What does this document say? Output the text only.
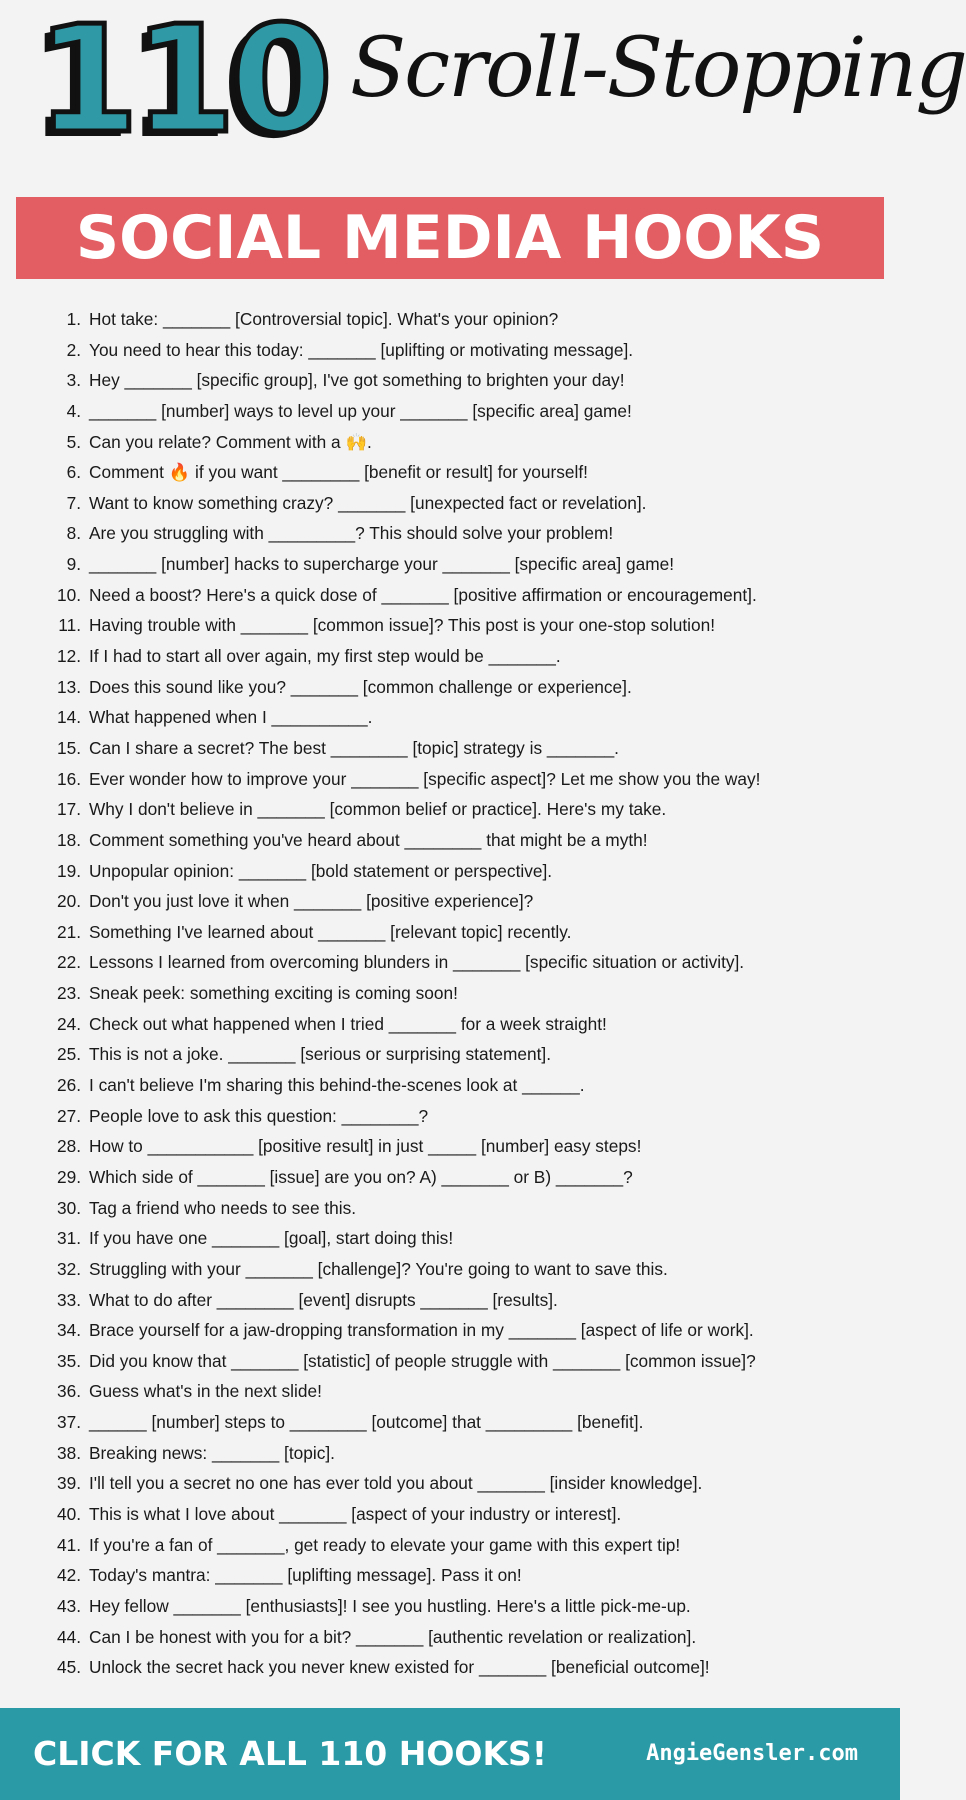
110 Scroll-Stopping
SOCIAL MEDIA HOOKS
1. Hot take: _______ [Controversial topic]. What's your opinion?
2. You need to hear this today: _______ [uplifting or motivating message].
3. Hey _______ [specific group], I've got something to brighten your day!
4. _______ [number] ways to level up your _______ [specific area] game!
5. Can you relate? Comment with a 🙌.
6. Comment 🔥 if you want ________ [benefit or result] for yourself!
7. Want to know something crazy? _______ [unexpected fact or revelation].
8. Are you struggling with _________? This should solve your problem!
9. _______ [number] hacks to supercharge your _______ [specific area] game!
10. Need a boost? Here's a quick dose of _______ [positive affirmation or encouragement].
11. Having trouble with _______ [common issue]? This post is your one-stop solution!
12. If I had to start all over again, my first step would be _______.
13. Does this sound like you? _______ [common challenge or experience].
14. What happened when I __________.
15. Can I share a secret? The best ________ [topic] strategy is _______.
16. Ever wonder how to improve your _______ [specific aspect]? Let me show you the way!
17. Why I don't believe in _______ [common belief or practice]. Here's my take.
18. Comment something you've heard about ________ that might be a myth!
19. Unpopular opinion: _______ [bold statement or perspective].
20. Don't you just love it when _______ [positive experience]?
21. Something I've learned about _______ [relevant topic] recently.
22. Lessons I learned from overcoming blunders in _______ [specific situation or activity].
23. Sneak peek: something exciting is coming soon!
24. Check out what happened when I tried _______ for a week straight!
25. This is not a joke. _______ [serious or surprising statement].
26. I can't believe I'm sharing this behind-the-scenes look at ______.
27. People love to ask this question: ________?
28. How to ___________ [positive result] in just _____ [number] easy steps!
29. Which side of _______ [issue] are you on? A) _______ or B) _______?
30. Tag a friend who needs to see this.
31. If you have one _______ [goal], start doing this!
32. Struggling with your _______ [challenge]? You're going to want to save this.
33. What to do after ________ [event] disrupts _______ [results].
34. Brace yourself for a jaw-dropping transformation in my _______ [aspect of life or work].
35. Did you know that _______ [statistic] of people struggle with _______ [common issue]?
36. Guess what's in the next slide!
37. ______ [number] steps to ________ [outcome] that _________ [benefit].
38. Breaking news: _______ [topic].
39. I'll tell you a secret no one has ever told you about _______ [insider knowledge].
40. This is what I love about _______ [aspect of your industry or interest].
41. If you're a fan of _______, get ready to elevate your game with this expert tip!
42. Today's mantra: _______ [uplifting message]. Pass it on!
43. Hey fellow _______ [enthusiasts]! I see you hustling. Here's a little pick-me-up.
44. Can I be honest with you for a bit? _______ [authentic revelation or realization].
45. Unlock the secret hack you never knew existed for _______ [beneficial outcome]!
CLICK FOR ALL 110 HOOKS!	AngieGensler.com
